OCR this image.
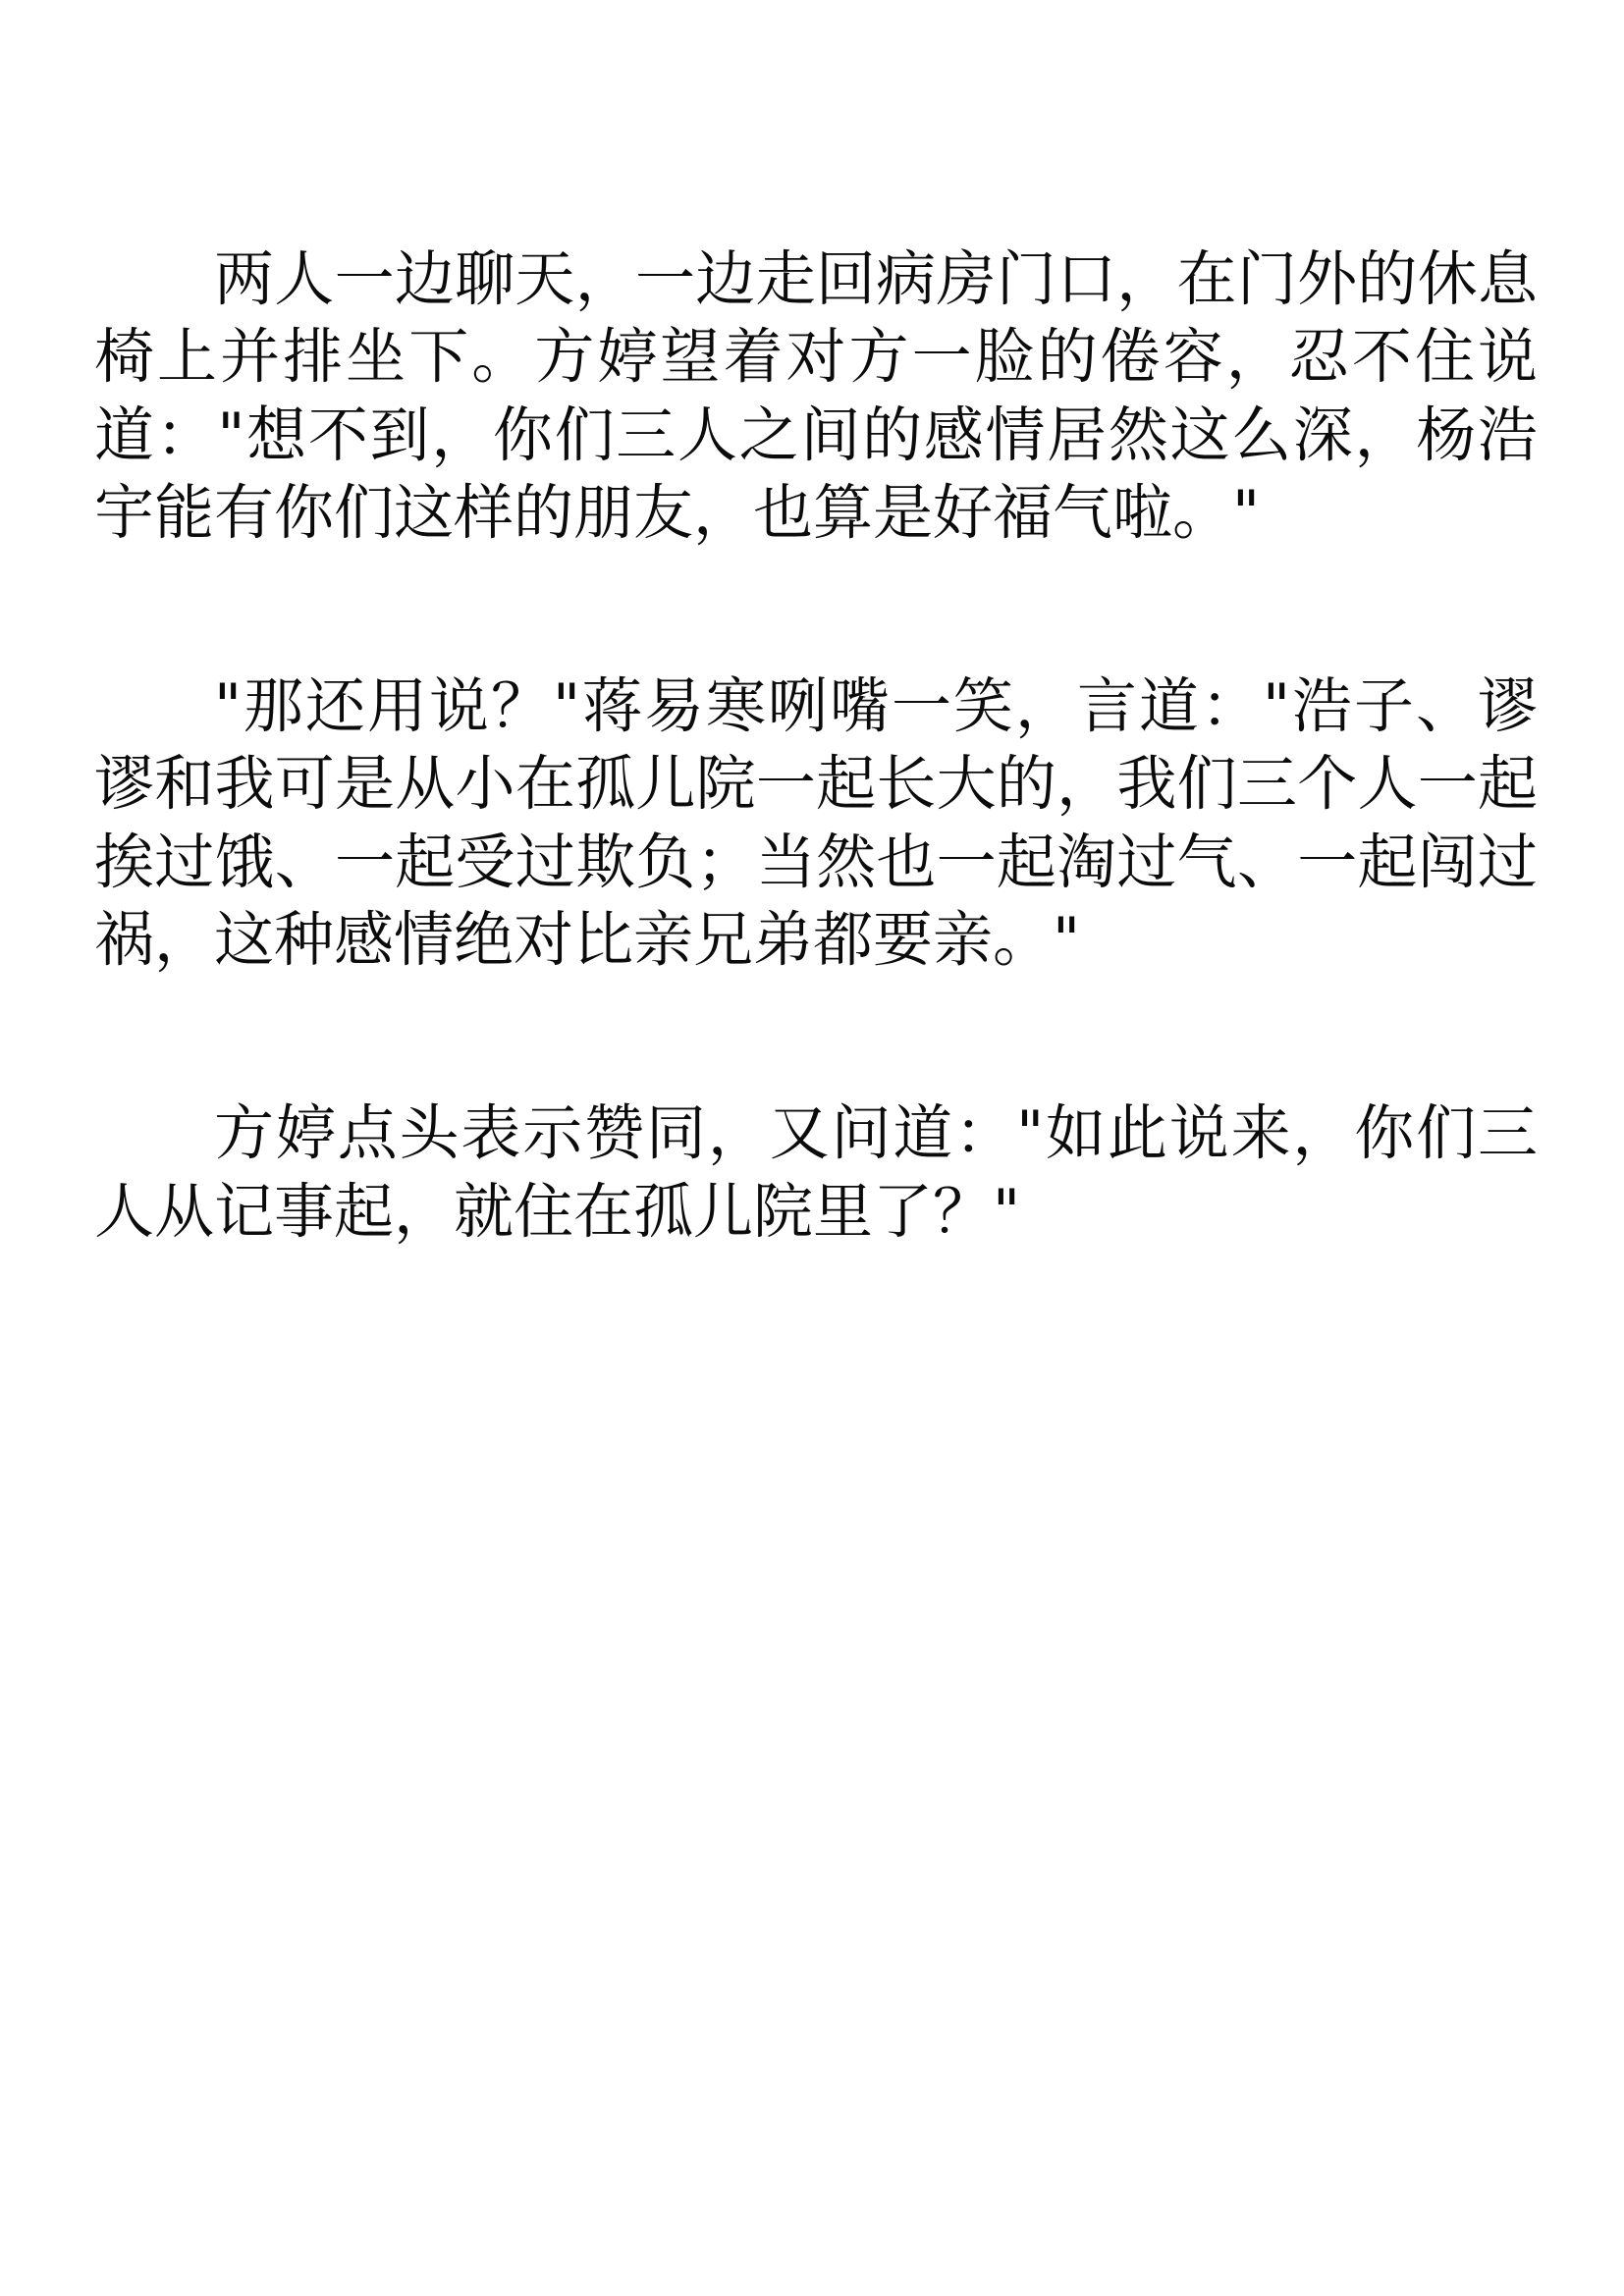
两人一边聊天，一边走回病房门口，在门外的休息椅上并排坐下。方婷望着对方一脸的倦容，忍不住说道："想不到，你们三人之间的感情居然这么深，杨浩宇能有你们这样的朋友，也算是好福气啦。"

"那还用说？"蒋易寒咧嘴一笑，言道："浩子、谬谬和我可是从小在孤儿院一起长大的，我们三个人一起挨过饿、一起受过欺负；当然也一起淘过气、一起闯过祸，这种感情绝对比亲兄弟都要亲。"

方婷点头表示赞同，又问道："如此说来，你们三人从记事起，就住在孤儿院里了？"
